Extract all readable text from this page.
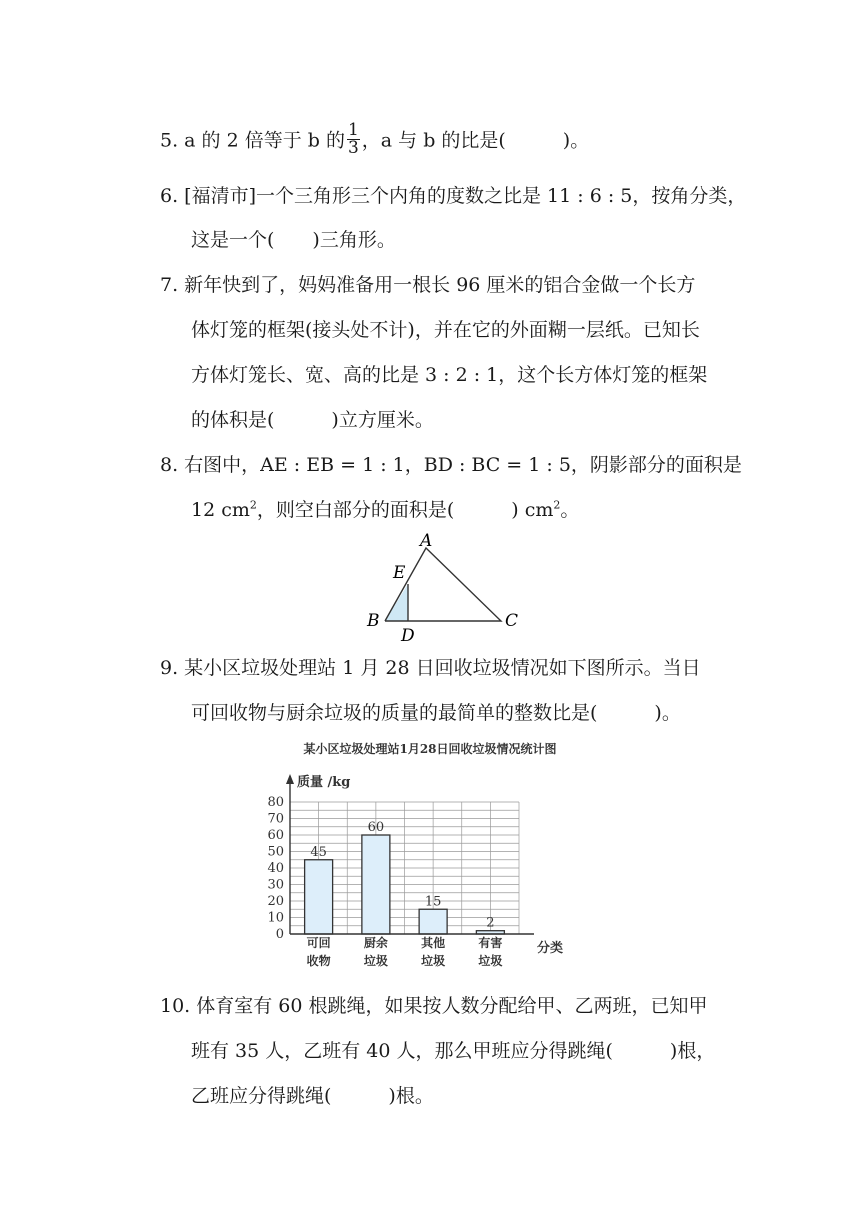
5. a 的 2 倍等于 b 的 $\frac{1}{3}$ ，a 与 b 的比是(　　　)。
6. [福清市]一个三角形三个内角的度数之比是 11 : 6 : 5，按角分类，
这是一个(　　)三角形。
7. 新年快到了，妈妈准备用一根长 96 厘米的铝合金做一个长方
体灯笼的框架(接头处不计)，并在它的外面糊一层纸。已知长
方体灯笼长、宽、高的比是 3 : 2 : 1，这个长方体灯笼的框架
的体积是(　　　)立方厘米。
8. 右图中，AE : EB = 1 : 1，BD : BC = 1 : 5，阴影部分的面积是
12 $cm^2$，则空白部分的面积是(　　　) $cm^2$。
A
E
B
D
C
9. 某小区垃圾处理站 1 月 28 日回收垃圾情况如下图所示。当日
可回收物与厨余垃圾的质量的最简单的整数比是(　　　)。
某小区垃圾处理站1月28日回收垃圾情况统计图
质量 /kg
分类
0
10
20
30
40
50
60
70
80
45
可回
收物
60
厨余
垃圾
15
其他
垃圾
2
有害
垃圾
10. 体育室有 60 根跳绳，如果按人数分配给甲、乙两班，已知甲
班有 35 人，乙班有 40 人，那么甲班应分得跳绳(　　　)根，
乙班应分得跳绳(　　　)根。
